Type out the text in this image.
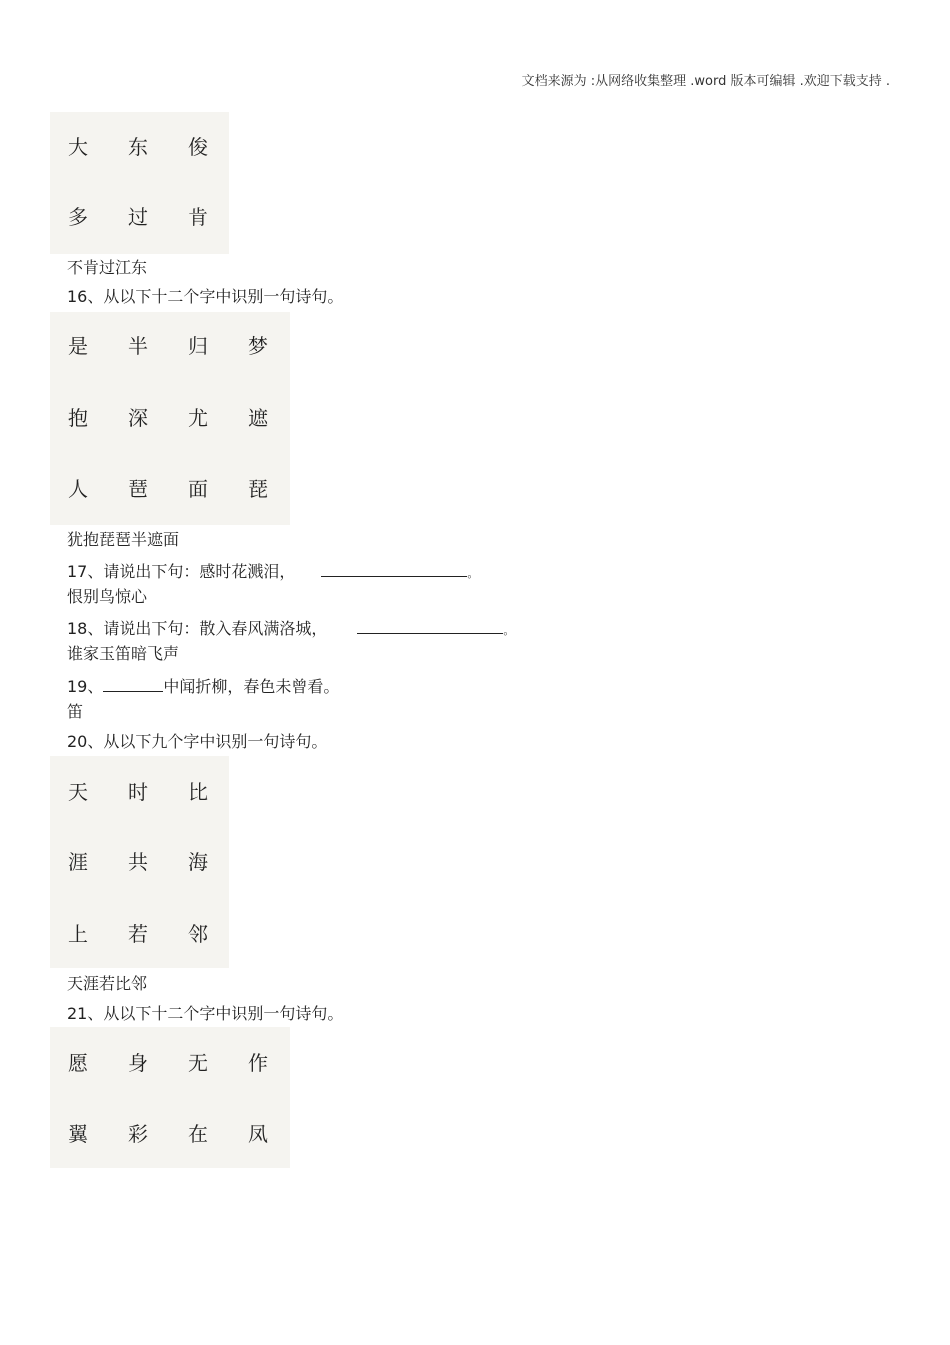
文档来源为 :从网络收集整理 .word 版本可编辑 .欢迎下载支持 .
大 东 俊
多 过 肯
不肯过江东
16、从以下十二个字中识别一句诗句。
是 半 归 梦
抱 深 尤 遮
人 琶 面 琵
犹抱琵琶半遮面
17、请说出下句：感时花溅泪，	。
恨别鸟惊心
18、请说出下句：散入春风满洛城，	。
谁家玉笛暗飞声
19、	中闻折柳，春色未曾看。
笛
20、从以下九个字中识别一句诗句。
天 时 比
涯 共 海
上 若 邻
天涯若比邻
21、从以下十二个字中识别一句诗句。
愿 身 无 作
翼 彩 在 凤
